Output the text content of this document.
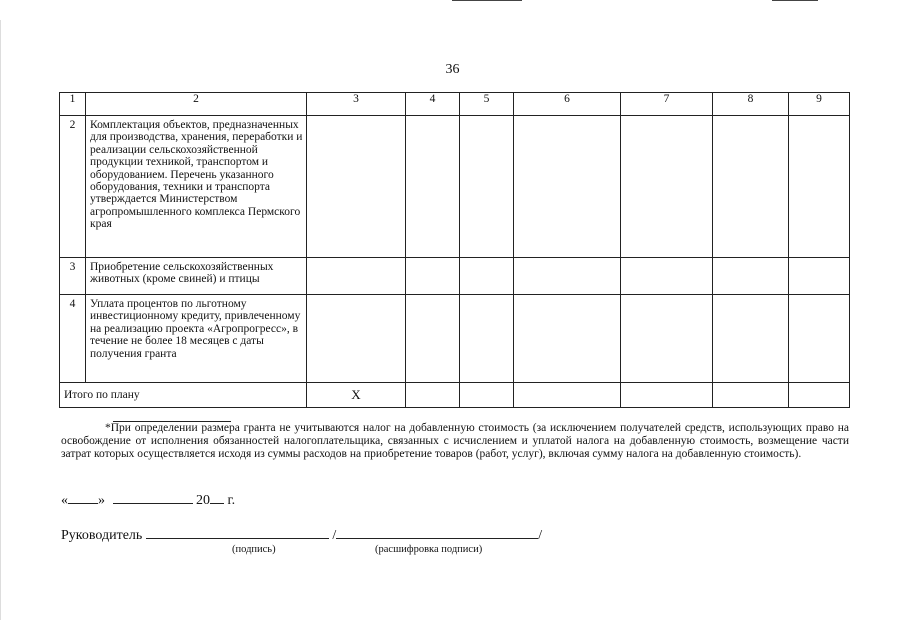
36
1	2	3	4	5	6	7	8	9
2	Комплектация объектов, предназначенных для производства, хранения, переработки и реализации сельскохозяйственной продукции техникой, транспортом и оборудованием. Перечень указанного оборудования, техники и транспорта утверждается Министерством агропромышленного комплекса Пермского края							
3	Приобретение сельскохозяйственных животных (кроме свиней) и птицы							
4	Уплата процентов по льготному инвестиционному кредиту, привлеченному на реализацию проекта «Агропрогресс», в течение не более 18 месяцев с даты получения гранта							
Итого по плану		X						

*При определении размера гранта не учитываются налог на добавленную стоимость (за исключением получателей средств, использующих право на освобождение от исполнения обязанностей налогоплательщика, связанных с исчислением и уплатой налога на добавленную стоимость, возмещение части затрат которых осуществляется исходя из суммы расходов на приобретение товаров (работ, услуг), включая сумму налога на добавленную стоимость).

« »	20 г.
Руководитель	/	/
(подпись)	(расшифровка подписи)
